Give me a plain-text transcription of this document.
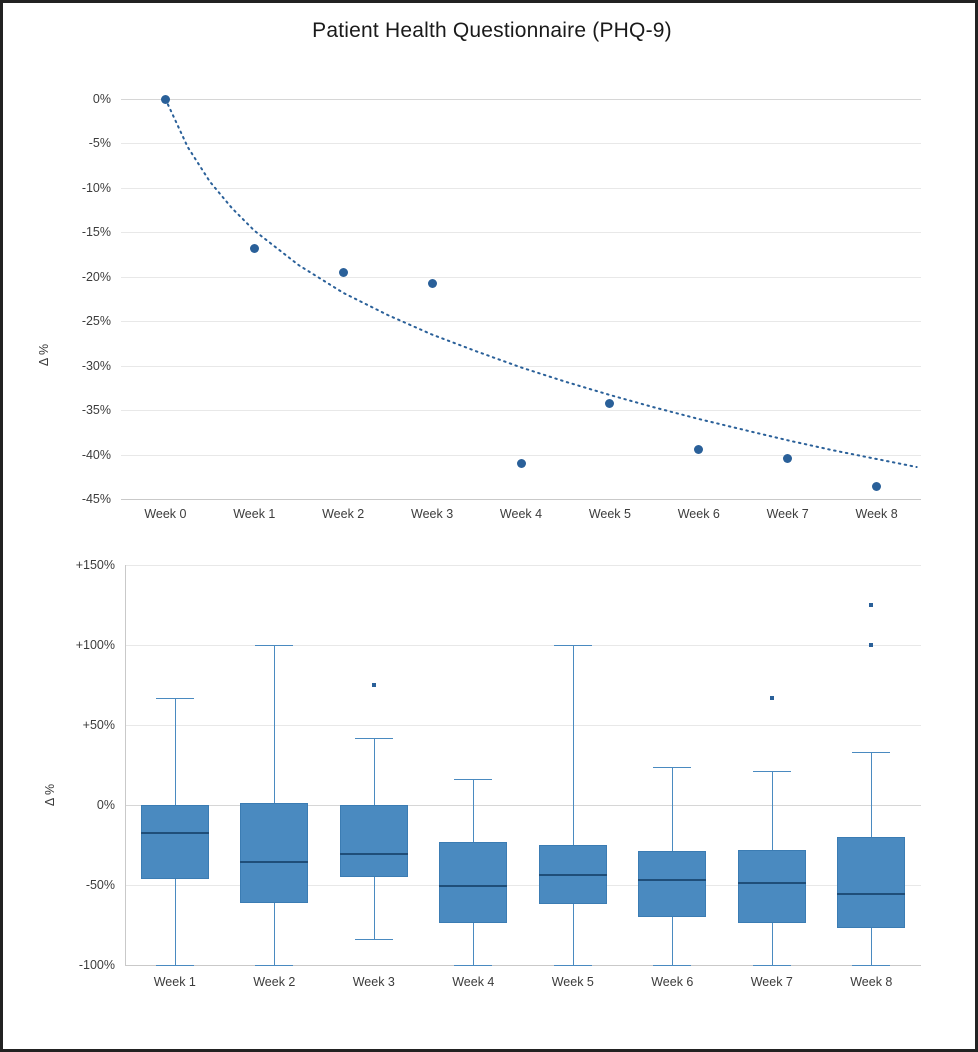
Patient Health Questionnaire (PHQ-9)
Δ %
0%
-5%
-10%
-15%
-20%
-25%
-30%
-35%
-40%
-45%
Week 0	Week 1	Week 2	Week 3	Week 4	Week 5	Week 6	Week 7	Week 8
Δ %
+150%
+100%
+50%
0%
-50%
-100%
Week 1	Week 2	Week 3	Week 4	Week 5	Week 6	Week 7	Week 8
